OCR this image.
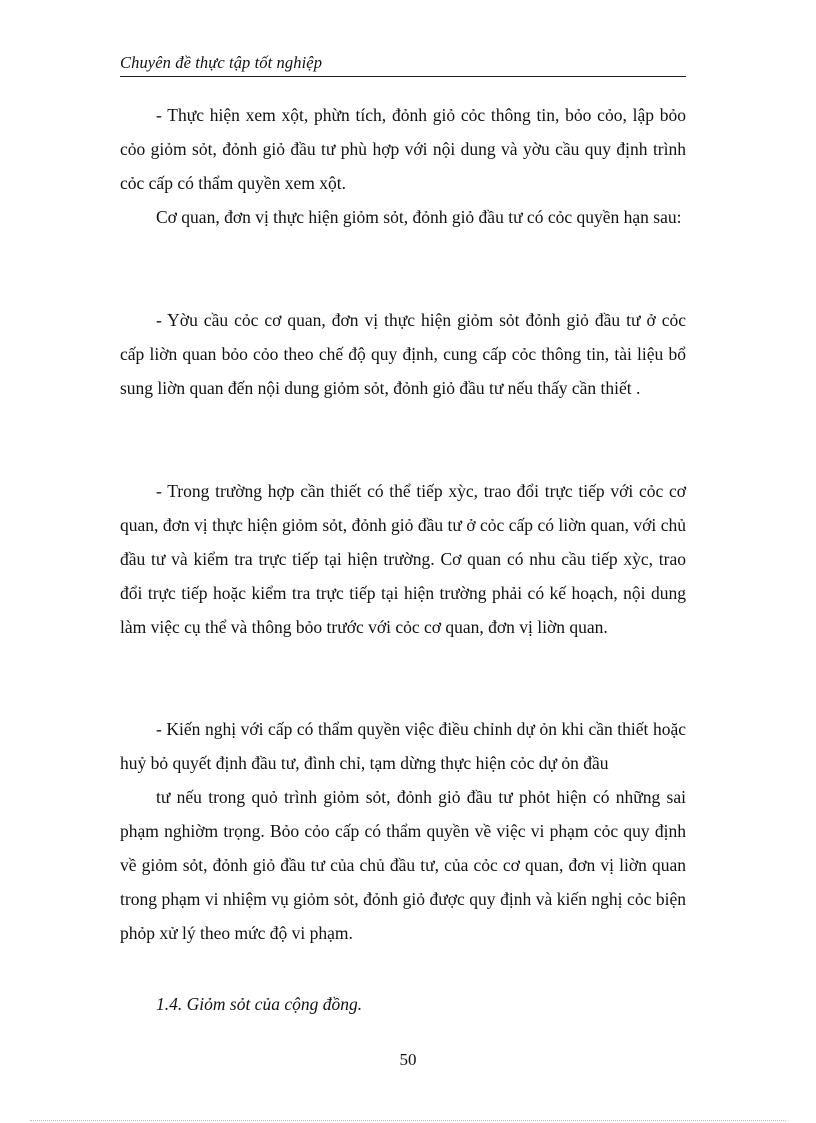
Chuyên đề thực tập tốt nghiệp

- Thực hiện xem xột, phừn tích, đỏnh giỏ cỏc thông tin, bỏo cỏo, lập bỏo cỏo giỏm sỏt, đỏnh giỏ đầu tư phù hợp với nội dung và yờu cầu quy định trình cỏc cấp có thẩm quyền xem xột.

Cơ quan, đơn vị thực hiện giỏm sỏt, đỏnh giỏ đầu tư có cỏc quyền hạn sau:

- Yờu cầu cỏc cơ quan, đơn vị thực hiện giỏm sỏt đỏnh giỏ đầu tư ở cỏc cấp liờn quan bỏo cỏo theo chế độ quy định, cung cấp cỏc thông tin, tài liệu bổ sung liờn quan đến nội dung giỏm sỏt, đỏnh giỏ đầu tư nếu thấy cần thiết .

- Trong trường hợp cần thiết có thể tiếp xỳc, trao đổi trực tiếp với cỏc cơ quan, đơn vị thực hiện giỏm sỏt, đỏnh giỏ đầu tư ở cỏc cấp có liờn quan, với chủ đầu tư và kiểm tra trực tiếp tại hiện trường. Cơ quan có nhu cầu tiếp xỳc, trao đổi trực tiếp hoặc kiểm tra trực tiếp tại hiện trường phải có kế hoạch, nội dung làm việc cụ thể và thông bỏo trước với cỏc cơ quan, đơn vị liờn quan.

- Kiến nghị với cấp có thẩm quyền việc điều chỉnh dự ỏn khi cần thiết hoặc huỷ bỏ quyết định đầu tư, đình chỉ, tạm dừng thực hiện cỏc dự ỏn đầu

tư nếu trong quỏ trình giỏm sỏt, đỏnh giỏ đầu tư phỏt hiện có những sai phạm nghiờm trọng. Bỏo cỏo cấp có thẩm quyền về việc vi phạm cỏc quy định về giỏm sỏt, đỏnh giỏ đầu tư của chủ đầu tư, của cỏc cơ quan, đơn vị liờn quan trong phạm vi nhiệm vụ giỏm sỏt, đỏnh giỏ được quy định và kiến nghị cỏc biện phỏp xử lý theo mức độ vi phạm.

1.4. Giỏm sỏt của cộng đồng.
50
